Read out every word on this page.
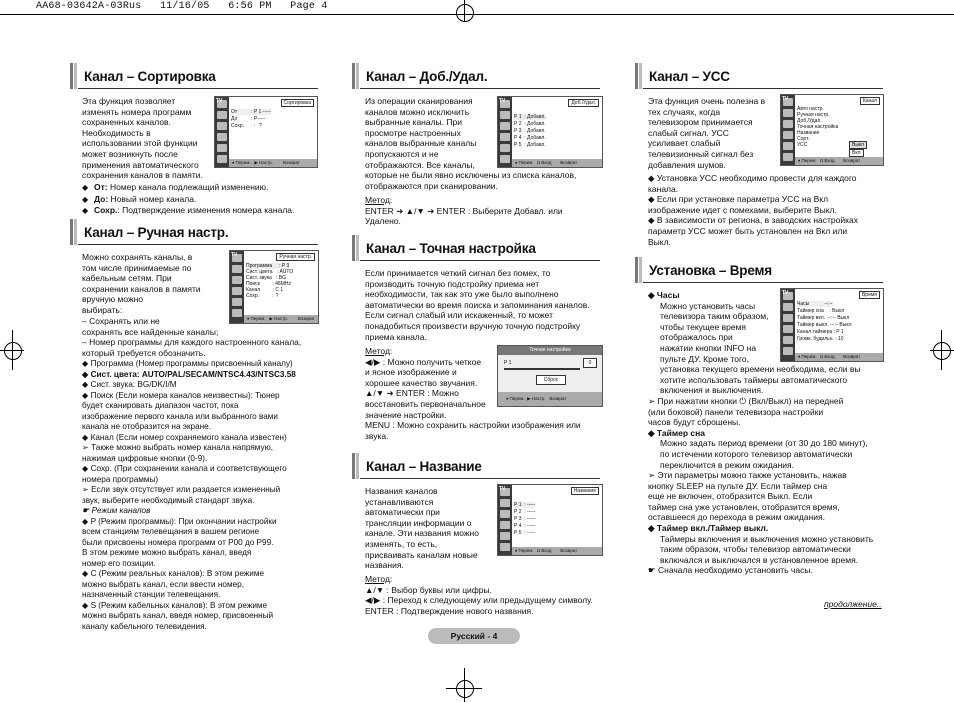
AA68-03642A-03Rus   11/16/05   6:56 PM   Page 4
Канал – Сортировка
Эта функция позволяет
изменять номера программ
сохраненных каналов.
Необходимость в
использовании этой функции
может возникнуть после
применения автоматического
сохранения каналов в памяти.
TV	Сортировка
От          : P 1 -----
До          : P-----
Сохр.       :   ?
♦ Перем.   ▶ Настр.        Возврат
◆ От: Номер канала подлежащий изменению.
◆ До: Новый номер канала.
◆ Сохр.: Подтверждение изменения номера канала.
Канал – Ручная настр.
Можно сохранять каналы, в
том числе принимаемые по
кабельным сетям. При
сохранении каналов в памяти
вручную можно
выбирать:
TV	Ручная настр.
Программа     : P 3
Сист. цвета   : AUTO
Сист. звука   : BG
Поиск         : 48MHz
Канал         : C 1
Сохр.         :  ?
♦ Перем.   ▶ Настр.        Возврат
– Сохранять или не
сохранять все найденные каналы;
– Номер программы для каждого настроенного канала,
который требуется обозначить.
◆ Программа (Номер программы присвоенный каналу)
◆ Сист. цвета: AUTO/PAL/SECAM/NTSC4.43/NTSC3.58
◆ Сист. звука: BG/DK/I/M
◆ Поиск (Если номера каналов неизвестны): Тюнер
будет сканировать диапазон частот, пока
изображение первого канала или выбранного вами
канала не отобразится на экране.
◆ Канал (Если номер сохраняемого канала известен)
➢ Также можно выбрать номер канала напрямую,
нажимая цифровые кнопки (0-9).
◆ Сохр. (При сохранении канала и соответствующего
номера программы)
➢ Если звук отсутствует или раздается измененный
звук, выберите необходимый стандарт звука.
☛ Режим каналов
◆ P (Режим программы): При окончании настройки
всем станциям телевещания в вашем регионе
были присвоены номера программ от P00 до P99.
В этом режиме можно выбрать канал, введя
номер его позиции.
◆ C (Режим реальных каналов): В этом режиме
можно выбрать канал, если ввести номер,
назначенный станции телевещания.
◆ S (Режим кабельных каналов): В этом режиме
можно выбрать канал, введя номер, присвоенный
каналу кабельного телевидения.
Канал – Доб./Удал.
Из операции сканирования
каналов можно исключить
выбранные каналы. При
просмотре настроенных
каналов выбранные каналы
пропускаются и не
отображаются. Все каналы,
которые не были явно исключены из списка каналов,
отображаются при сканировании.
TV	Доб./Удал.
Р 1  : Добавл.
Р 2  : Добавл.
Р 3  : Добавл.
Р 4  : Добавл.
Р 5  : Добавл.
♦ Перем.   ◘ Вход       Возврат
Метод:
ENTER ➜ ▲/▼ ➜ ENTER : Выберите Добавл. или
Удалено.
Канал – Точная настройка
Если принимается четкий сигнал без помех, то
производить точную подстройку приема нет
необходимости, так как это уже было выполнено
автоматически во время поиска и запоминания каналов.
Если сигнал слабый или искаженный, то может
понадобиться произвести вручную точную подстройку
приема канала.
Метод:
◀/▶ : Можно получить четкое
и ясное изображение и
хорошее качество звучания.
▲/▼ ➜ ENTER : Можно
восстановить первоначальное
значение настройки.
MENU : Можно сохранить настройки изображения или
звука.
Точная настройка
P 1	0
Сброс
♦ Перем.  ▶ Настр.   Возврат
Канал – Название
Названия каналов
устанавливаются
автоматически при
трансляции информации о
канале. Эти названия можно
изменять, то есть,
присваивать каналам новые
названия.
TV	Название
Р 1  : -----
Р 2  : -----
Р 3  : -----
Р 4  : -----
Р 5  : -----
♦ Перем.   ◘ Вход       Возврат
Метод:
▲/▼ : Выбор буквы или цифры.
◀/▶ : Переход к следующему или предыдущему символу.
ENTER : Подтверждение нового названия.
Канал – УСС
Эта функция очень полезна в
тех случаях, когда
телевизором принимается
слабый сигнал. УСС
усиливает слабый
телевизионный сигнал без
добавления шумов.
TV	Канал
Авто настр.
Ручная настр.
Доб./Удал.
Точная настройка
Название
Сорт.
УСС	Выкл
Вкл
♦ Перем.   ◘ Вход       Возврат
◆ Установка УСС необходимо провести для каждого
канала.
◆ Если при установке параметра УСС на Вкл
изображение идет с помехами, выберите Выкл.
◆ В зависимости от региона, в заводских настройках
параметр УСС может быть установлен на Вкл или
Выкл.
Установка – Время
◆ Часы
Можно установить часы
телевизора таким образом,
чтобы текущее время
отображалось при
нажатии кнопки INFO на
пульте ДУ. Кроме того,
установка текущего времени необходима, если вы
хотите использовать таймеры автоматического
включения и выключения.
➢ При нажатии кнопки ⏻ (Вкл/Выкл) на передней
(или боковой) панели телевизора настройки
часов будут сброшены.
◆ Таймер сна
Можно задать период времени (от 30 до 180 минут),
по истечении которого телевизор автоматически
переключится в режим ожидания.
➢ Эти параметры можно также установить, нажав
кнопку SLEEP на пульте ДУ. Если таймер сна
еще не включен, отобразится Выкл. Если
таймер сна уже установлен, отобразится время,
оставшееся до перехода в режим ожидания.
◆ Таймер вкл./Таймер выкл.
Таймеры включения и выключения можно установить
таким образом, чтобы телевизор автоматически
включался и выключался в установленное время.
☛ Сначала необходимо установить часы.
TV	Время
Часы           --:--
Таймер сна    : Выкл
Таймер вкл.  --:-- Выкл
Таймер выкл. --:-- Выкл
Канал таймера : P 1
Громк. будильн. : 10
♦ Перем.   ◘ Вход       Возврат
продолжение..
Русский - 4
